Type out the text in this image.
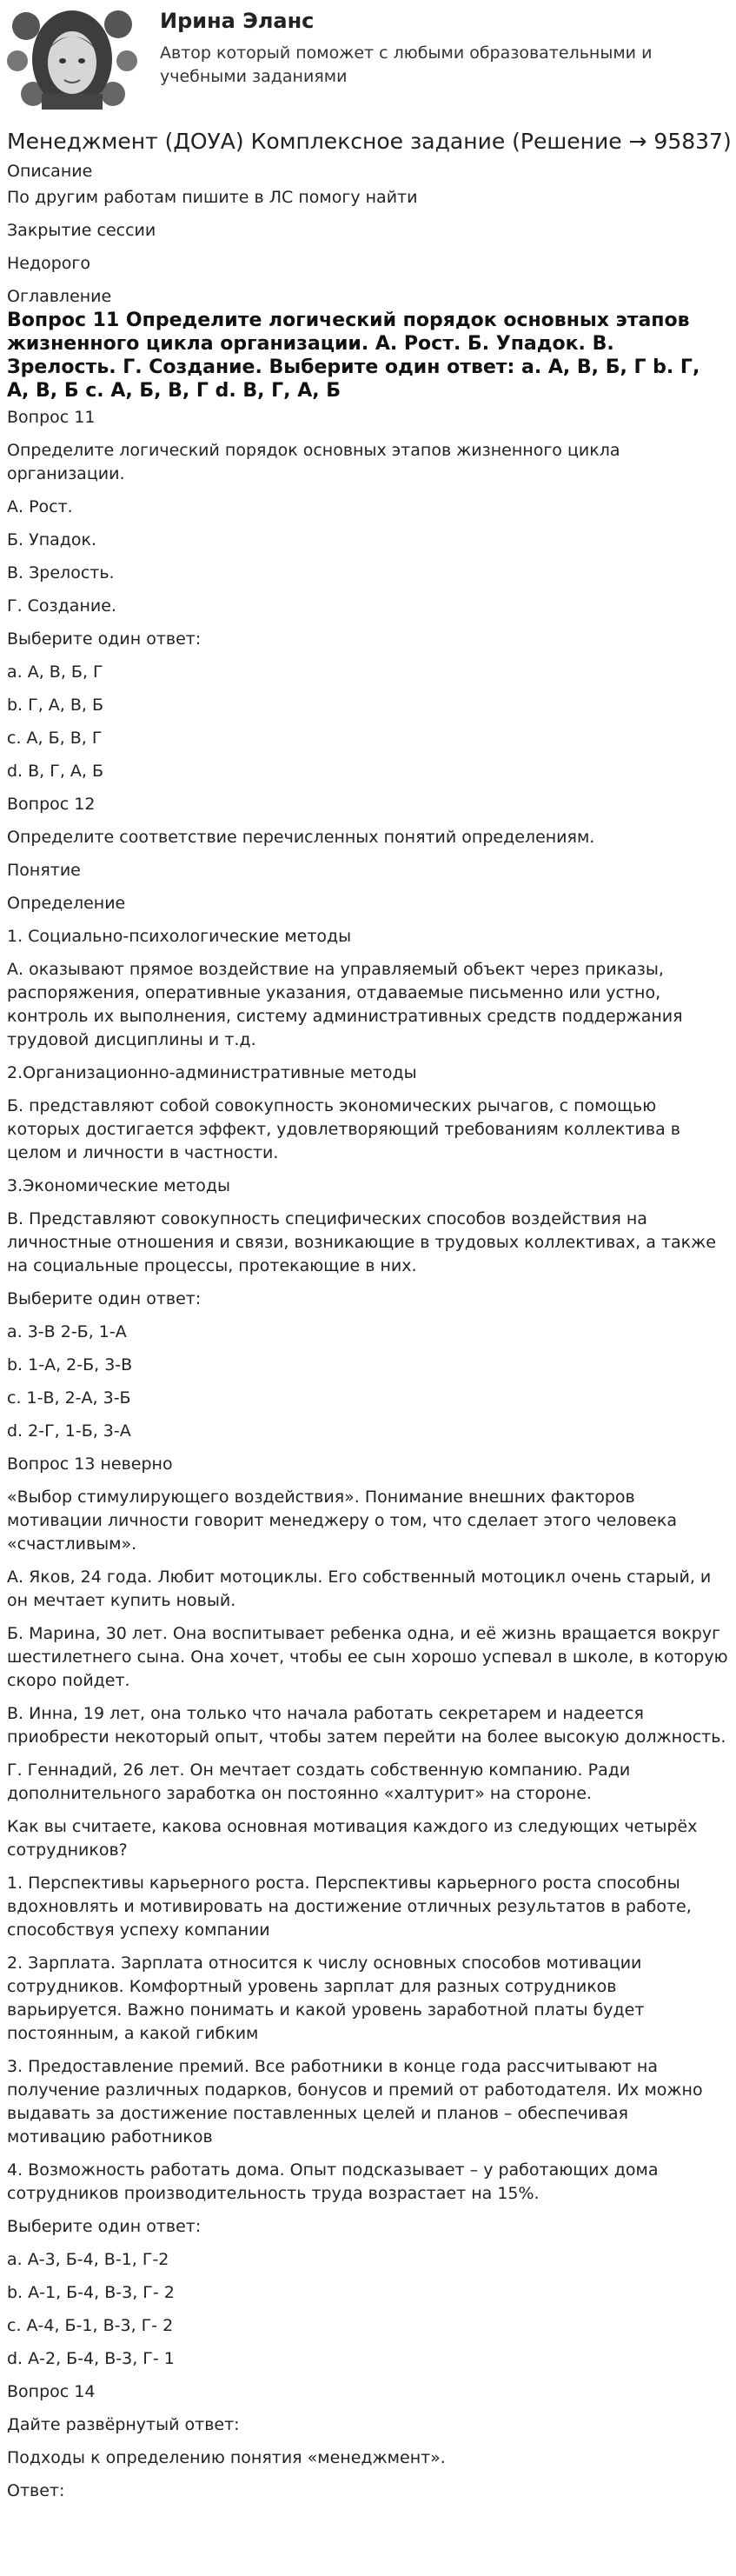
Ирина Эланс
Автор который поможет с любыми образовательными и учебными заданиями
Менеджмент (ДОУА) Комплексное задание (Решение → 95837)

Описание

По другим работам пишите в ЛС помогу найти

Закрытие сессии

Недорого

Оглавление

Вопрос 11 Определите логический порядок основных этапов жизненного цикла организации. А. Рост. Б. Упадок. В. Зрелость. Г. Создание. Выберите один ответ: a. А, В, Б, Г b. Г, А, В, Б c. А, Б, В, Г d. В, Г, А, Б

Вопрос 11

Определите логический порядок основных этапов жизненного цикла организации.

А. Рост.

Б. Упадок.

В. Зрелость.

Г. Создание.

Выберите один ответ:

a. А, В, Б, Г

b. Г, А, В, Б

c. А, Б, В, Г

d. В, Г, А, Б

Вопрос 12

Определите соответствие перечисленных понятий определениям.

Понятие

Определение

1. Социально-психологические методы

А. оказывают прямое воздействие на управляемый объект через приказы, распоряжения, оперативные указания, отдаваемые письменно или устно, контроль их выполнения, систему административных средств поддержания трудовой дисциплины и т.д.

2.Организационно-административные методы

Б. представляют собой совокупность экономических рычагов, с помощью которых достигается эффект, удовлетворяющий требованиям коллектива в целом и личности в частности.

3.Экономические методы

В. Представляют совокупность специфических способов воздействия на личностные отношения и связи, возникающие в трудовых коллективах, а также на социальные процессы, протекающие в них.

Выберите один ответ:

a. 3-В 2-Б, 1-А

b. 1-А, 2-Б, 3-В

c. 1-В, 2-А, 3-Б

d. 2-Г, 1-Б, 3-А

Вопрос 13 неверно

«Выбор стимулирующего воздействия». Понимание внешних факторов мотивации личности говорит менеджеру о том, что сделает этого человека «счастливым».

А. Яков, 24 года. Любит мотоциклы. Его собственный мотоцикл очень старый, и он мечтает купить новый.

Б. Марина, 30 лет. Она воспитывает ребенка одна, и её жизнь вращается вокруг шестилетнего сына. Она хочет, чтобы ее сын хорошо успевал в школе, в которую скоро пойдет.

В. Инна, 19 лет, она только что начала работать секретарем и надеется приобрести некоторый опыт, чтобы затем перейти на более высокую должность.

Г. Геннадий, 26 лет. Он мечтает создать собственную компанию. Ради дополнительного заработка он постоянно «халтурит» на стороне.

Как вы считаете, какова основная мотивация каждого из следующих четырёх сотрудников?

1. Перспективы карьерного роста. Перспективы карьерного роста способны вдохновлять и мотивировать на достижение отличных результатов в работе, способствуя успеху компании

2. Зарплата. Зарплата относится к числу основных способов мотивации сотрудников. Комфортный уровень зарплат для разных сотрудников варьируется. Важно понимать и какой уровень заработной платы будет постоянным, а какой гибким

3. Предоставление премий. Все работники в конце года рассчитывают на получение различных подарков, бонусов и премий от работодателя. Их можно выдавать за достижение поставленных целей и планов – обеспечивая мотивацию работников

4. Возможность работать дома. Опыт подсказывает – у работающих дома сотрудников производительность труда возрастает на 15%.

Выберите один ответ:

a. А-3, Б-4, В-1, Г-2

b. А-1, Б-4, В-3, Г- 2

c. А-4, Б-1, В-3, Г- 2

d. А-2, Б-4, В-3, Г- 1

Вопрос 14

Дайте развёрнутый ответ:

Подходы к определению понятия «менеджмент».

Ответ:
